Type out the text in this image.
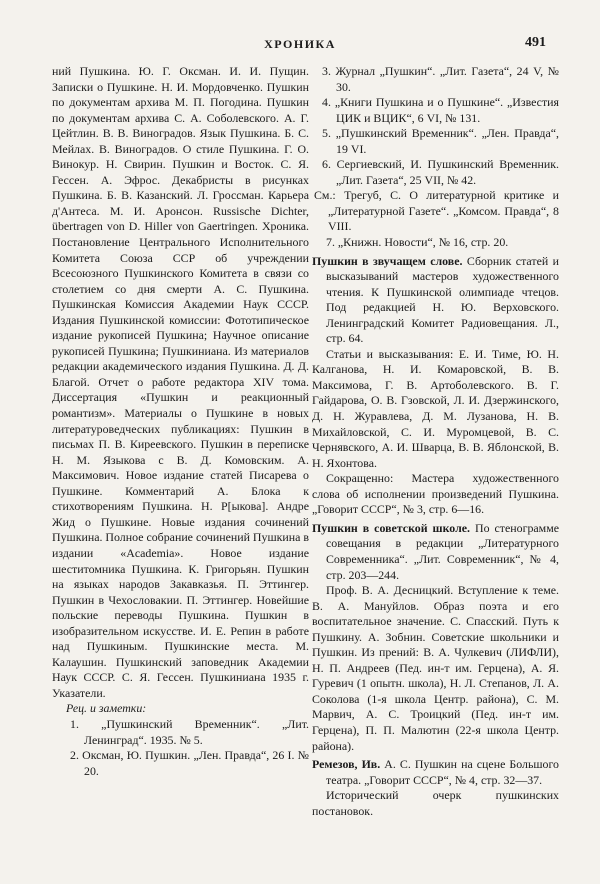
ХРОНИКА	491

ний Пушкина. Ю. Г. Оксман. И. И. Пущин. Записки о Пушкине. Н. И. Мордовченко. Пушкин по документам архива М. П. Погодина. Пушкин по документам архива С. А. Соболевского. А. Г. Цейтлин. В. В. Виноградов. Язык Пушкина. Б. С. Мейлах. В. Виноградов. О стиле Пушкина. Г. О. Винокур. Н. Свирин. Пушкин и Восток. С. Я. Гессен. А. Эфрос. Декабристы в рисунках Пушкина. Б. В. Казанский. Л. Гроссман. Карьера д'Антеса. М. И. Аронсон. Russische Dichter, übertragen von D. Hiller von Gaertringen. Хроника. Постановление Центрального Исполнительного Комитета Союза ССР об учреждении Всесоюзного Пушкинского Комитета в связи со столетием со дня смерти А. С. Пушкина. Пушкинская Комиссия Академии Наук СССР. Издания Пушкинской комиссии: Фототипическое издание рукописей Пушкина; Научное описание рукописей Пушкина; Пушкиниана. Из материалов редакции академического издания Пушкина. Д. Д. Благой. Отчет о работе редактора XIV тома. Диссертация «Пушкин и реакционный романтизм». Материалы о Пушкине в новых литературоведческих публикациях: Пушкин в письмах П. В. Киреевского. Пушкин в переписке Н. М. Языкова с В. Д. Комовским. А. Максимович. Новое издание статей Писарева о Пушкине. Комментарий А. Блока к стихотворениям Пушкина. Н. Р[ыкова]. Андре Жид о Пушкине. Новые издания сочинений Пушкина. Полное собрание сочинений Пушкина в издании «Academia». Новое издание шеститомника Пушкина. К. Григорьян. Пушкин на языках народов Закавказья. П. Эттингер. Пушкин в Чехословакии. П. Эттингер. Новейшие польские переводы Пушкина. Пушкин в изобразительном искусстве. И. Е. Репин в работе над Пушкиным. Пушкинские места. М. Калаушин. Пушкинский заповедник Академии Наук СССР. С. Я. Гессен. Пушкиниана 1935 г. Указатели.

Рец. и заметки:

1. „Пушкинский Временник“. „Лит. Ленинград“. 1935. № 5.

2. Оксман, Ю. Пушкин. „Лен. Правда“, 26 I. № 20.

3. Журнал „Пушкин“. „Лит. Газета“, 24 V, № 30.

4. „Книги Пушкина и о Пушкине“. „Известия ЦИК и ВЦИК“, 6 VI, № 131.

5. „Пушкинский Временник“. „Лен. Правда“, 19 VI.

6. Сергиевский, И. Пушкинский Временник. „Лит. Газета“, 25 VII, № 42.

См.: Трегуб, С. О литературной критике и „Литературной Газете“. „Комсом. Правда“, 8 VIII.

7. „Книжн. Новости“, № 16, стр. 20.

Пушкин в звучащем слове. Сборник статей и высказываний мастеров художественного чтения. К Пушкинской олимпиаде чтецов. Под редакцией Н. Ю. Верховского. Ленинградский Комитет Радиовещания. Л., стр. 64.

Статьи и высказывания: Е. И. Тиме, Ю. Н. Калганова, Н. И. Комаровской, В. В. Максимова, Г. В. Артоболевского. В. Г. Гайдарова, О. В. Гзовской, Л. И. Дзержинского, Д. Н. Журавлева, Д. М. Лузанова, Н. В. Михайловской, С. И. Муромцевой, В. С. Чернявского, А. И. Шварца, В. В. Яблонской, В. Н. Яхонтова.

Сокращенно: Мастера художественного слова об исполнении произведений Пушкина. „Говорит СССР“, № 3, стр. 6—16.

Пушкин в советской школе. По стенограмме совещания в редакции „Литературного Современника“. „Лит. Современник“, № 4, стр. 203—244.

Проф. В. А. Десницкий. Вступление к теме. В. А. Мануйлов. Образ поэта и его воспитательное значение. С. Спасский. Путь к Пушкину. А. Зобнин. Советские школьники и Пушкин. Из прений: В. А. Чулкевич (ЛИФЛИ), Н. П. Андреев (Пед. ин-т им. Герцена), А. Я. Гуревич (1 опытн. школа), Н. Л. Степанов, Л. А. Соколова (1-я школа Центр. района), С. М. Марвич, А. С. Троицкий (Пед. ин-т им. Герцена), П. П. Малютин (22-я школа Центр. района).

Ремезов, Ив. А. С. Пушкин на сцене Большого театра. „Говорит СССР“, № 4, стр. 32—37.

Исторический очерк пушкинских постановок.
